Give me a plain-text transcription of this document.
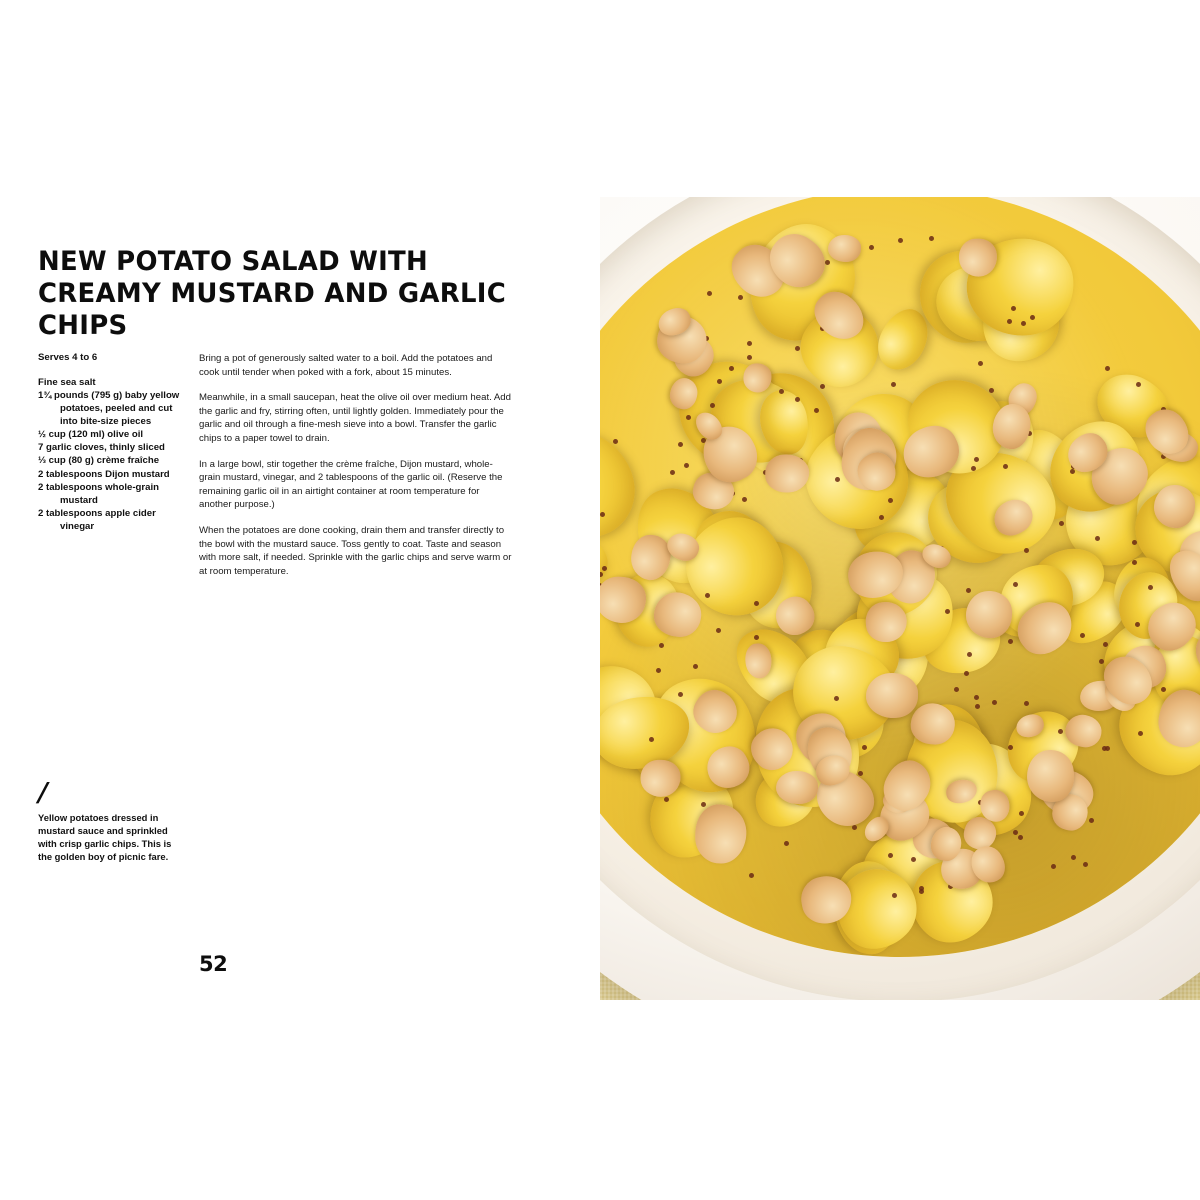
NEW POTATO SALAD WITH CREAMY MUSTARD AND GARLIC CHIPS
Serves 4 to 6
Fine sea salt
1¾ pounds (795 g) baby yellow potatoes, peeled and cut into bite-size pieces
½ cup (120 ml) olive oil
7 garlic cloves, thinly sliced
⅓ cup (80 g) crème fraîche
2 tablespoons Dijon mustard
2 tablespoons whole-grain mustard
2 tablespoons apple cider vinegar

Bring a pot of generously salted water to a boil. Add the potatoes and cook until tender when poked with a fork, about 15 minutes.

Meanwhile, in a small saucepan, heat the olive oil over medium heat. Add the garlic and fry, stirring often, until lightly golden. Immediately pour the garlic and oil through a fine-mesh sieve into a bowl. Transfer the garlic chips to a paper towel to drain.

In a large bowl, stir together the crème fraîche, Dijon mustard, whole-grain mustard, vinegar, and 2 tablespoons of the garlic oil. (Reserve the remaining garlic oil in an airtight container at room temperature for another purpose.)

When the potatoes are done cooking, drain them and transfer directly to the bowl with the mustard sauce. Toss gently to coat. Taste and season with more salt, if needed. Sprinkle with the garlic chips and serve warm or at room temperature.

/
Yellow potatoes dressed in mustard sauce and sprinkled with crisp garlic chips. This is the golden boy of picnic fare.
52
